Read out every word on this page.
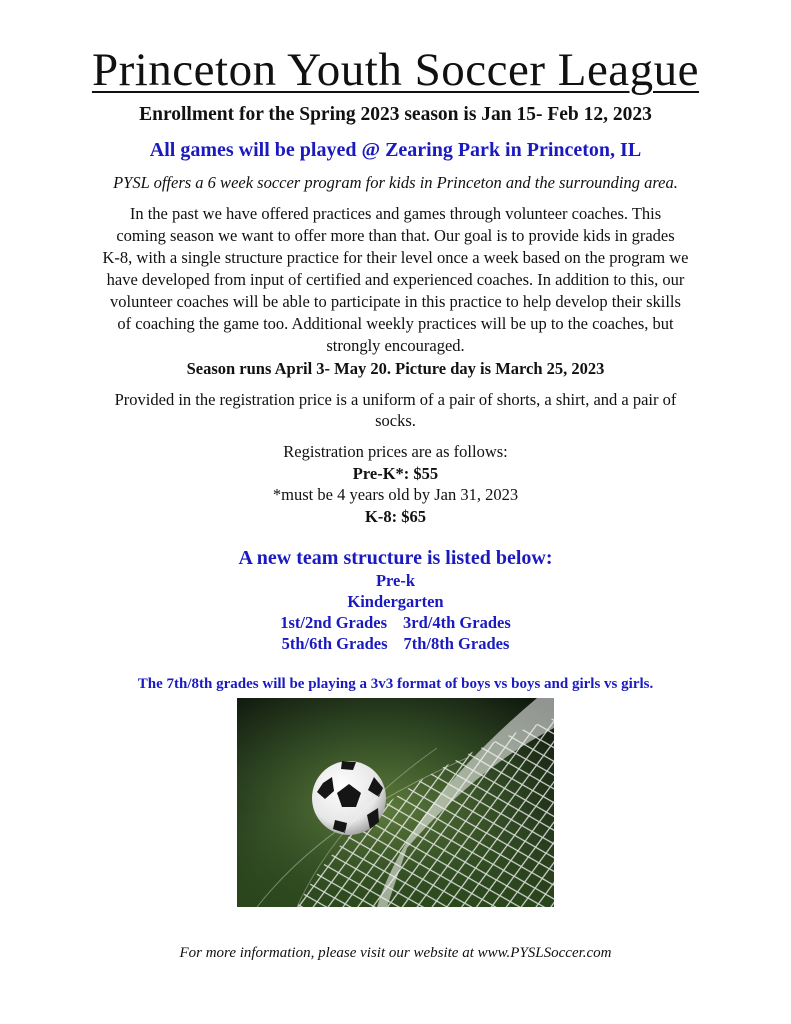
Princeton Youth Soccer League
Enrollment for the Spring 2023 season is Jan 15- Feb 12, 2023
All games will be played @ Zearing Park in Princeton, IL
PYSL offers a 6 week soccer program for kids in Princeton and the surrounding area.
In the past we have offered practices and games through volunteer coaches. This
coming season we want to offer more than that. Our goal is to provide kids in grades
K-8, with a single structure practice for their level once a week based on the program we
have developed from input of certified and experienced coaches. In addition to this, our
volunteer coaches will be able to participate in this practice to help develop their skills
of coaching the game too. Additional weekly practices will be up to the coaches, but
strongly encouraged.
Season runs April 3- May 20. Picture day is March 25, 2023
Provided in the registration price is a uniform of a pair of shorts, a shirt, and a pair of
socks.
Registration prices are as follows:
Pre-K*: $55
*must be 4 years old by Jan 31, 2023
K-8: $65
A new team structure is listed below:
Pre-k
Kindergarten
1st/2nd Grades 3rd/4th Grades
5th/6th Grades 7th/8th Grades
The 7th/8th grades will be playing a 3v3 format of boys vs boys and girls vs girls.
For more information, please visit our website at www.PYSLSoccer.com
